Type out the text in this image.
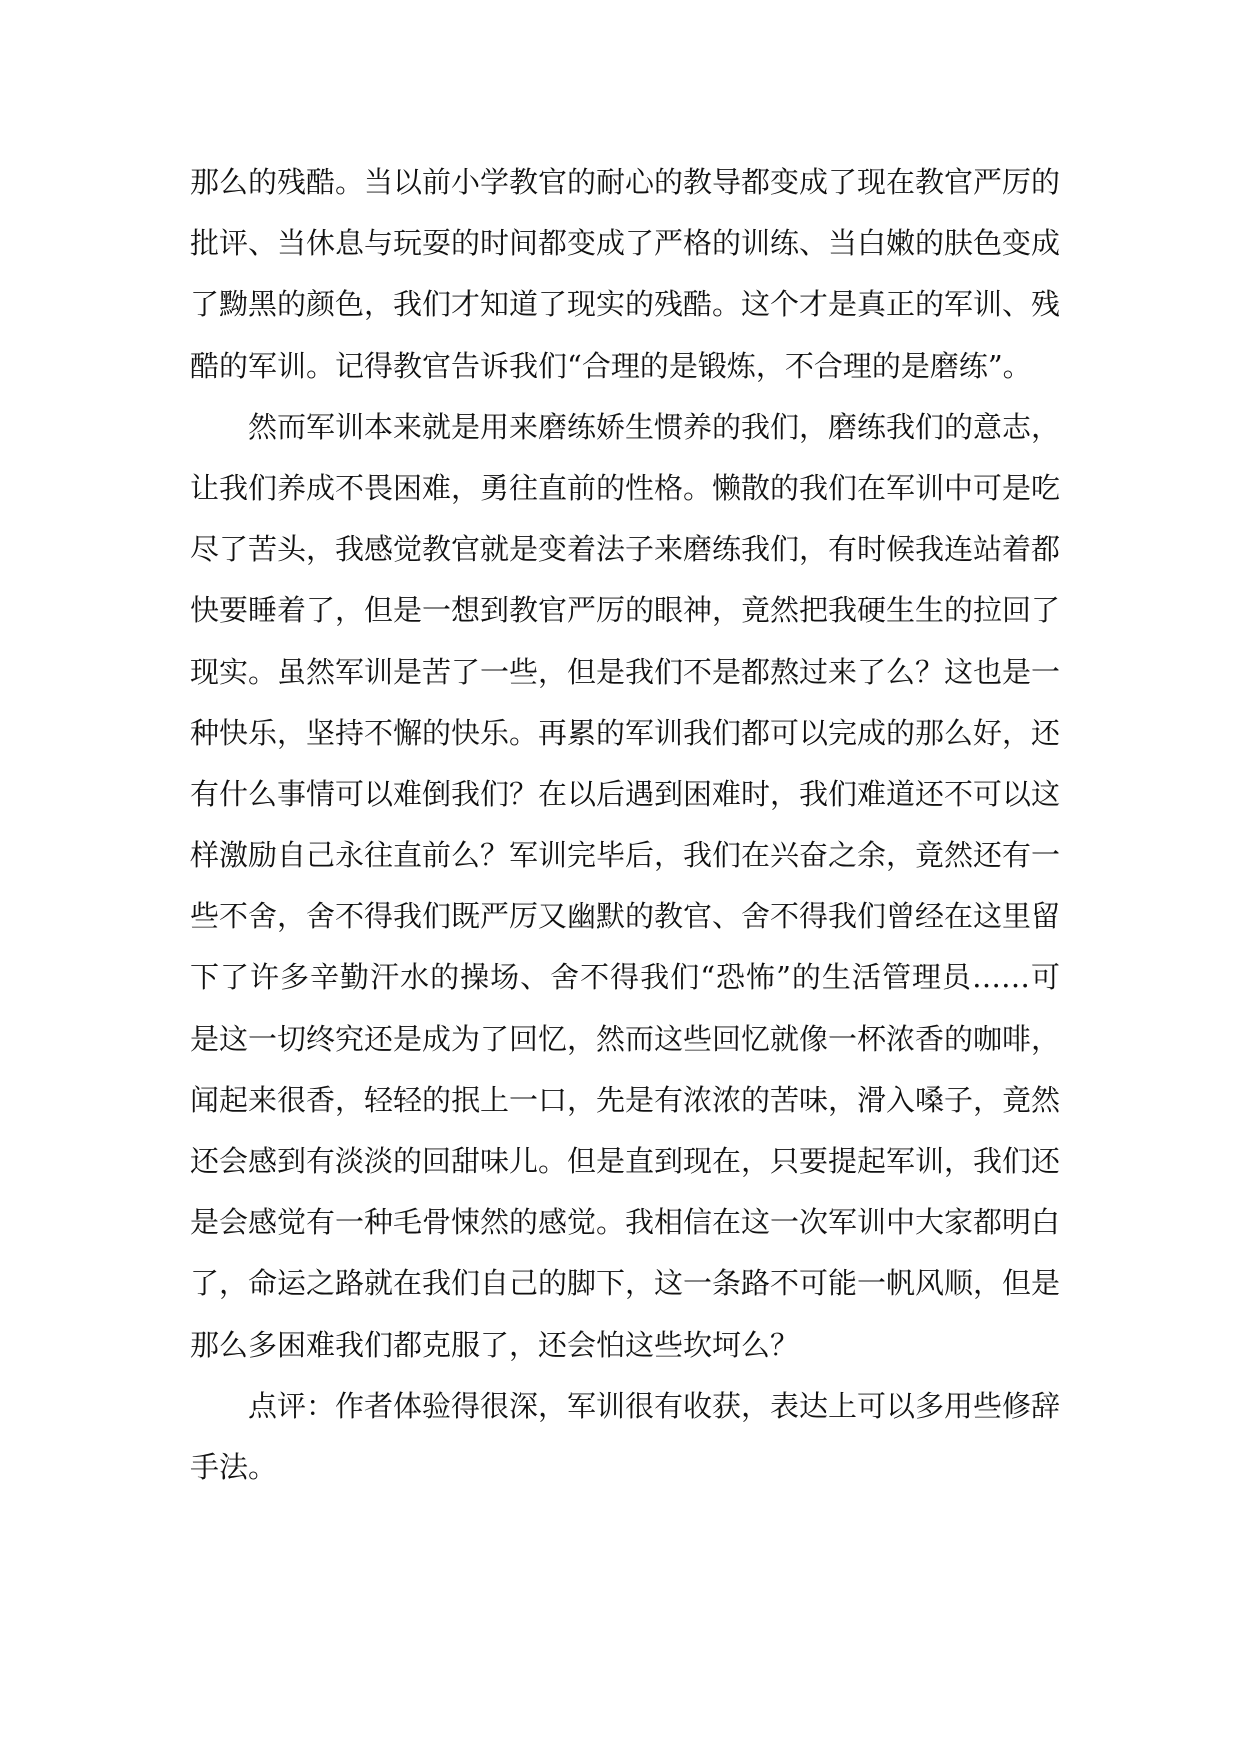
那么的残酷。当以前小学教官的耐心的教导都变成了现在教官严厉的
批评、当休息与玩耍的时间都变成了严格的训练、当白嫩的肤色变成
了黝黑的颜色，我们才知道了现实的残酷。这个才是真正的军训、残
酷的军训。记得教官告诉我们“合理的是锻炼，不合理的是磨练”。
然而军训本来就是用来磨练娇生惯养的我们，磨练我们的意志，
让我们养成不畏困难，勇往直前的性格。懒散的我们在军训中可是吃
尽了苦头，我感觉教官就是变着法子来磨练我们，有时候我连站着都
快要睡着了，但是一想到教官严厉的眼神，竟然把我硬生生的拉回了
现实。虽然军训是苦了一些，但是我们不是都熬过来了么？这也是一
种快乐，坚持不懈的快乐。再累的军训我们都可以完成的那么好，还
有什么事情可以难倒我们？在以后遇到困难时，我们难道还不可以这
样激励自己永往直前么？军训完毕后，我们在兴奋之余，竟然还有一
些不舍，舍不得我们既严厉又幽默的教官、舍不得我们曾经在这里留
下了许多辛勤汗水的操场、舍不得我们“恐怖”的生活管理员……可
是这一切终究还是成为了回忆，然而这些回忆就像一杯浓香的咖啡，
闻起来很香，轻轻的抿上一口，先是有浓浓的苦味，滑入嗓子，竟然
还会感到有淡淡的回甜味儿。但是直到现在，只要提起军训，我们还
是会感觉有一种毛骨悚然的感觉。我相信在这一次军训中大家都明白
了，命运之路就在我们自己的脚下，这一条路不可能一帆风顺，但是
那么多困难我们都克服了，还会怕这些坎坷么？
点评：作者体验得很深，军训很有收获，表达上可以多用些修辞
手法。
